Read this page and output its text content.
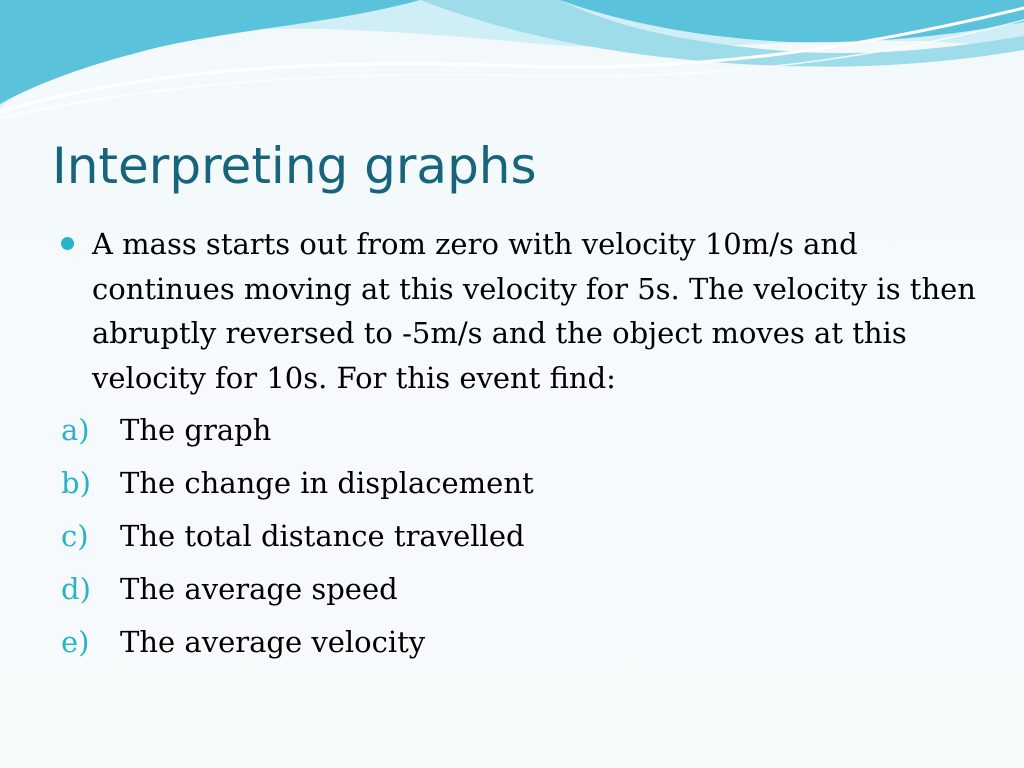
Interpreting graphs

A mass starts out from zero with velocity 10m/s and continues moving at this velocity for 5s. The velocity is then abruptly reversed to -5m/s and the object moves at this velocity for 10s. For this event find:

a) The graph

b) The change in displacement

c) The total distance travelled

d) The average speed

e) The average velocity
